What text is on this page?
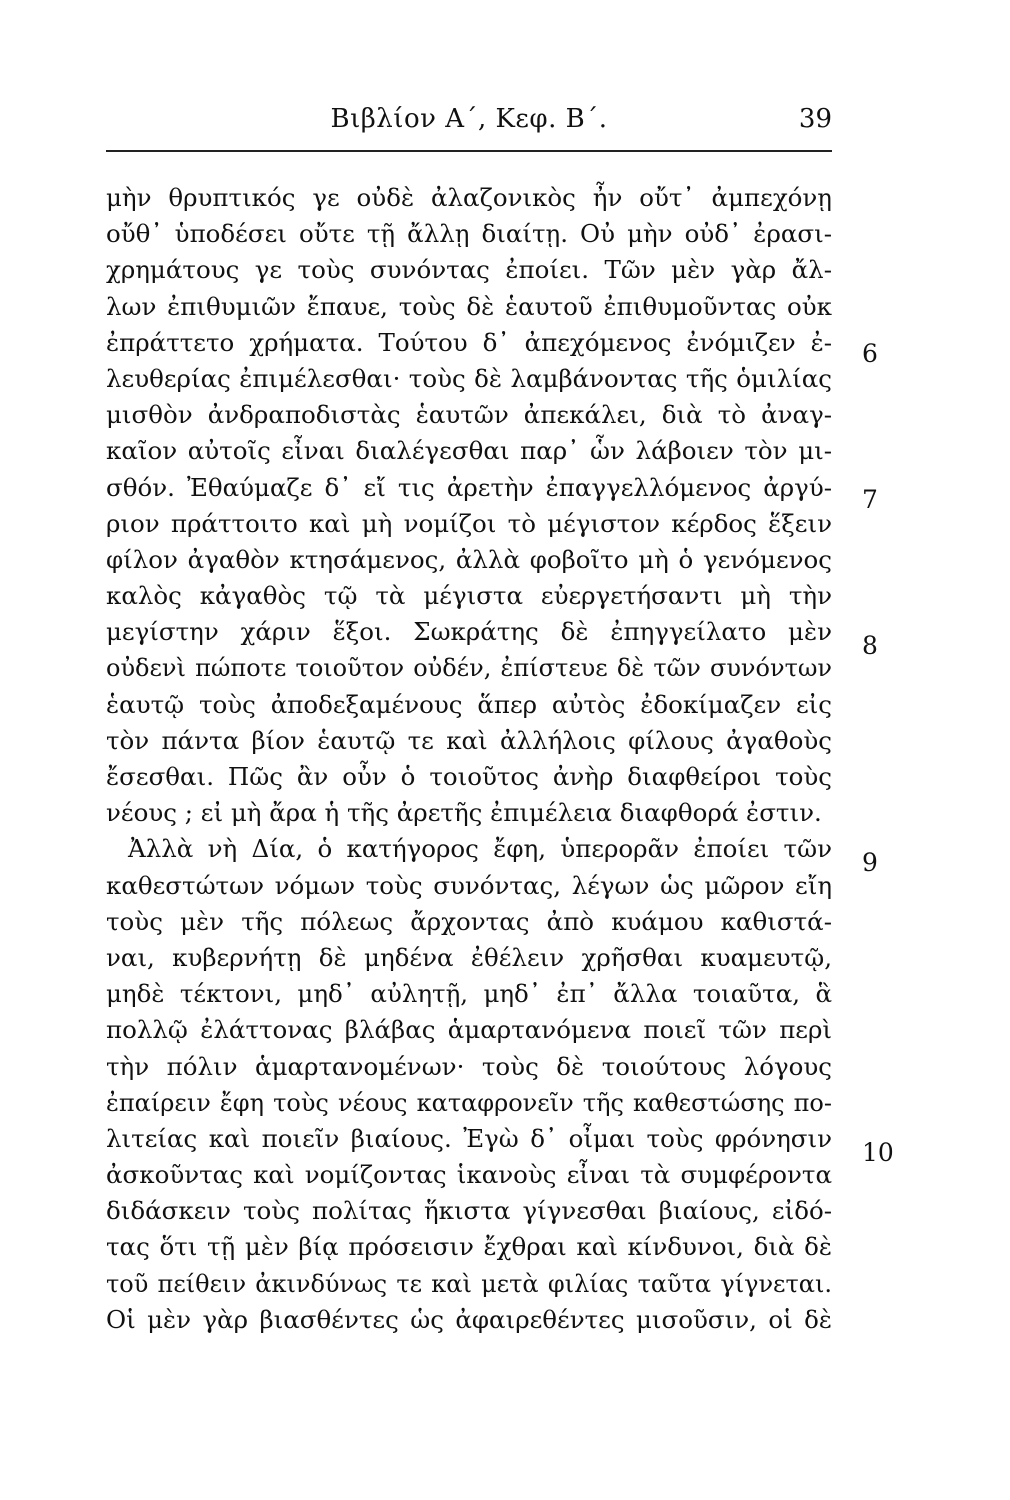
Βιβλίον Α΄, Κεφ. Β΄.	39
μὴν θρυπτικός γε οὐδὲ ἀλαζονικὸς ἦν οὔτ᾽ ἀμπεχόνῃ
οὔθ᾽ ὑποδέσει οὔτε τῇ ἄλλῃ διαίτῃ. Οὐ μὴν οὐδ᾽ ἐρασι-
χρημάτους γε τοὺς συνόντας ἐποίει. Τῶν μὲν γὰρ ἄλ-
λων ἐπιθυμιῶν ἔπαυε, τοὺς δὲ ἑαυτοῦ ἐπιθυμοῦντας οὐκ
ἐπράττετο χρήματα. Τούτου δ᾽ ἀπεχόμενος ἐνόμιζεν ἐ-
λευθερίας ἐπιμέλεσθαι· τοὺς δὲ λαμβάνοντας τῆς ὁμιλίας
μισθὸν ἀνδραποδιστὰς ἑαυτῶν ἀπεκάλει, διὰ τὸ ἀναγ-
καῖον αὐτοῖς εἶναι διαλέγεσθαι παρ᾽ ὧν λάβοιεν τὸν μι-
σθόν. Ἐθαύμαζε δ᾽ εἴ τις ἀρετὴν ἐπαγγελλόμενος ἀργύ-
ριον πράττοιτο καὶ μὴ νομίζοι τὸ μέγιστον κέρδος ἕξειν
φίλον ἀγαθὸν κτησάμενος, ἀλλὰ φοβοῖτο μὴ ὁ γενόμενος
καλὸς κἀγαθὸς τῷ τὰ μέγιστα εὐεργετήσαντι μὴ τὴν
μεγίστην χάριν ἕξοι. Σωκράτης δὲ ἐπηγγείλατο μὲν
οὐδενὶ πώποτε τοιοῦτον οὐδέν, ἐπίστευε δὲ τῶν συνόντων
ἑαυτῷ τοὺς ἀποδεξαμένους ἅπερ αὐτὸς ἐδοκίμαζεν εἰς
τὸν πάντα βίον ἑαυτῷ τε καὶ ἀλλήλοις φίλους ἀγαθοὺς
ἔσεσθαι. Πῶς ἂν οὖν ὁ τοιοῦτος ἀνὴρ διαφθείροι τοὺς
νέους ; εἰ μὴ ἄρα ἡ τῆς ἀρετῆς ἐπιμέλεια διαφθορά ἐστιν.
Ἀλλὰ νὴ Δία, ὁ κατήγορος ἔφη, ὑπερορᾶν ἐποίει τῶν
καθεστώτων νόμων τοὺς συνόντας, λέγων ὡς μῶρον εἴη
τοὺς μὲν τῆς πόλεως ἄρχοντας ἀπὸ κυάμου καθιστά-
ναι, κυβερνήτῃ δὲ μηδένα ἐθέλειν χρῆσθαι κυαμευτῷ,
μηδὲ τέκτονι, μηδ᾽ αὐλητῇ, μηδ᾽ ἐπ᾽ ἄλλα τοιαῦτα, ἃ
πολλῷ ἐλάττονας βλάβας ἁμαρτανόμενα ποιεῖ τῶν περὶ
τὴν πόλιν ἁμαρτανομένων· τοὺς δὲ τοιούτους λόγους
ἐπαίρειν ἔφη τοὺς νέους καταφρονεῖν τῆς καθεστώσης πο-
λιτείας καὶ ποιεῖν βιαίους. Ἐγὼ δ᾽ οἶμαι τοὺς φρόνησιν
ἀσκοῦντας καὶ νομίζοντας ἱκανοὺς εἶναι τὰ συμφέροντα
διδάσκειν τοὺς πολίτας ἥκιστα γίγνεσθαι βιαίους, εἰδό-
τας ὅτι τῇ μὲν βίᾳ πρόσεισιν ἔχθραι καὶ κίνδυνοι, διὰ δὲ
τοῦ πείθειν ἀκινδύνως τε καὶ μετὰ φιλίας ταῦτα γίγνεται.
Οἱ μὲν γὰρ βιασθέντες ὡς ἀφαιρεθέντες μισοῦσιν, οἱ δὲ
6
7
8
9
10
